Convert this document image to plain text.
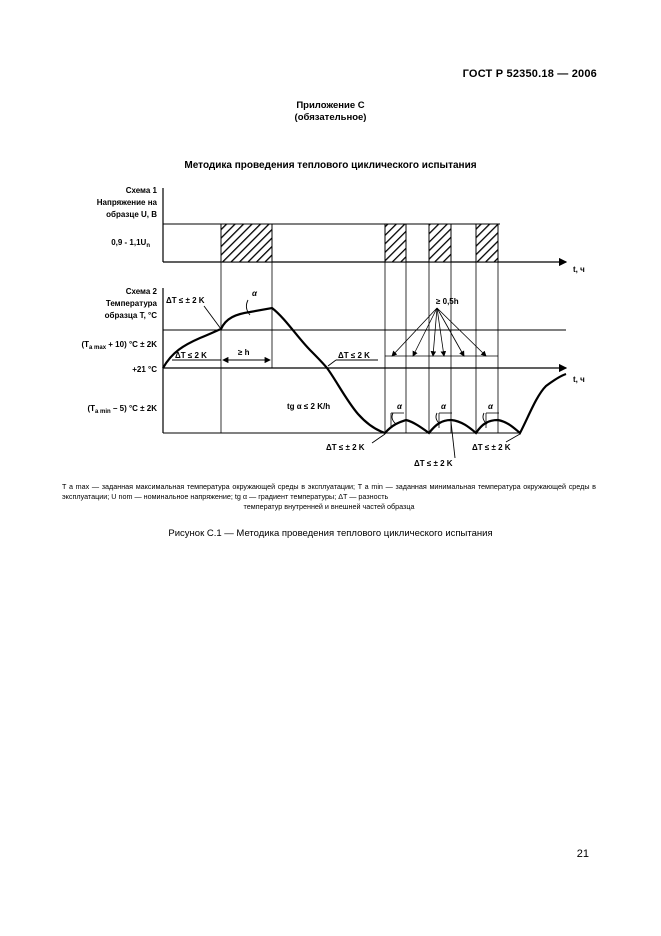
ГОСТ Р 52350.18 — 2006
Приложение С
(обязательное)
Методика проведения теплового циклического испытания
Схема 1
Напряжение на
образце U, В
$0,9 - 1,1U_n$
t, ч
Схема 2
Температура
образца T, °C
$(T_{a max} + 10) ^\circ С \pm 2K$
+21 °C
$(T_{a min} - 5) ^\circ С \pm 2K$
t, ч
ΔT ≤ ± 2 K
ΔT ≤ 2 K	ΔT ≤ 2 K
ΔT ≤ ± 2 K
ΔT ≤ ± 2 K
ΔT ≤ ± 2 K
≥ h
α
α	α	α
tg α ≤ 2 K/h
≥ 0,5h
T a max — заданная максимальная температура окружающей среды в эксплуатации; T a min — заданная минимальная температура окружающей среды в эксплуатации; U nom — номинальное напряжение; tg α — градиент температуры; ΔT — разность
температур внутренней и внешней частей образца
Рисунок С.1 — Методика проведения теплового циклического испытания
21
